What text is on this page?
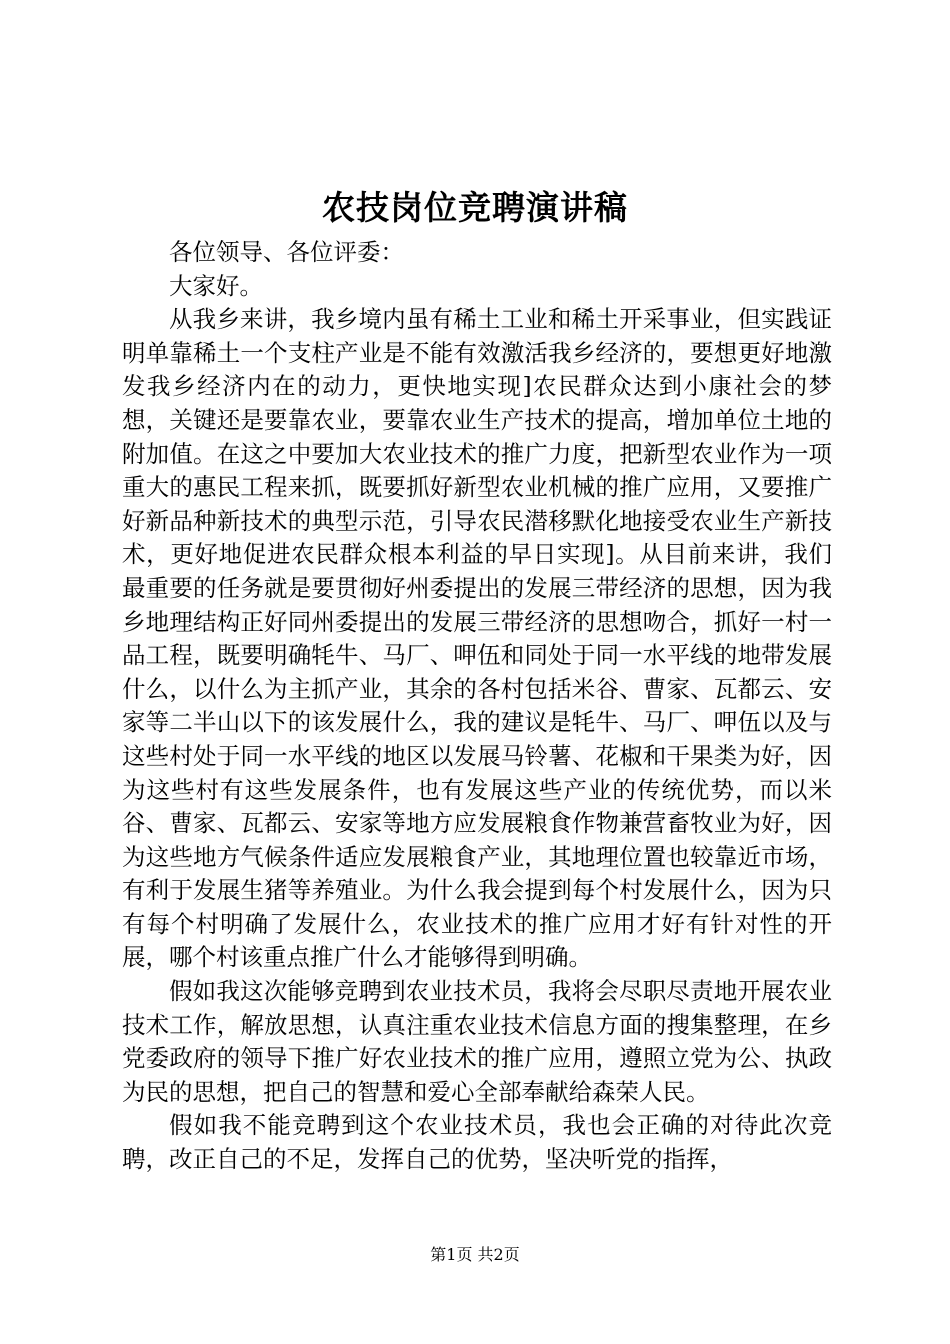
农技岗位竞聘演讲稿

各位领导、各位评委：

大家好。

从我乡来讲，我乡境内虽有稀土工业和稀土开采事业，但实践证明单靠稀土一个支柱产业是不能有效激活我乡经济的，要想更好地激发我乡经济内在的动力，更快地实现]农民群众达到小康社会的梦想，关键还是要靠农业，要靠农业生产技术的提高，增加单位土地的附加值。在这之中要加大农业技术的推广力度，把新型农业作为一项重大的惠民工程来抓，既要抓好新型农业机械的推广应用，又要推广好新品种新技术的典型示范，引导农民潜移默化地接受农业生产新技术，更好地促进农民群众根本利益的早日实现]。从目前来讲，我们最重要的任务就是要贯彻好州委提出的发展三带经济的思想，因为我乡地理结构正好同州委提出的发展三带经济的思想吻合，抓好一村一品工程，既要明确牦牛、马厂、呷伍和同处于同一水平线的地带发展什么，以什么为主抓产业，其余的各村包括米谷、曹家、瓦都云、安家等二半山以下的该发展什么，我的建议是牦牛、马厂、呷伍以及与这些村处于同一水平线的地区以发展马铃薯、花椒和干果类为好，因为这些村有这些发展条件，也有发展这些产业的传统优势，而以米谷、曹家、瓦都云、安家等地方应发展粮食作物兼营畜牧业为好，因为这些地方气候条件适应发展粮食产业，其地理位置也较靠近市场，有利于发展生猪等养殖业。为什么我会提到每个村发展什么，因为只有每个村明确了发展什么，农业技术的推广应用才好有针对性的开展，哪个村该重点推广什么才能够得到明确。

假如我这次能够竞聘到农业技术员，我将会尽职尽责地开展农业技术工作，解放思想，认真注重农业技术信息方面的搜集整理，在乡党委政府的领导下推广好农业技术的推广应用，遵照立党为公、执政为民的思想，把自己的智慧和爱心全部奉献给森荣人民。

假如我不能竞聘到这个农业技术员，我也会正确的对待此次竞聘，改正自己的不足，发挥自己的优势，坚决听党的指挥，

第1页 共2页
